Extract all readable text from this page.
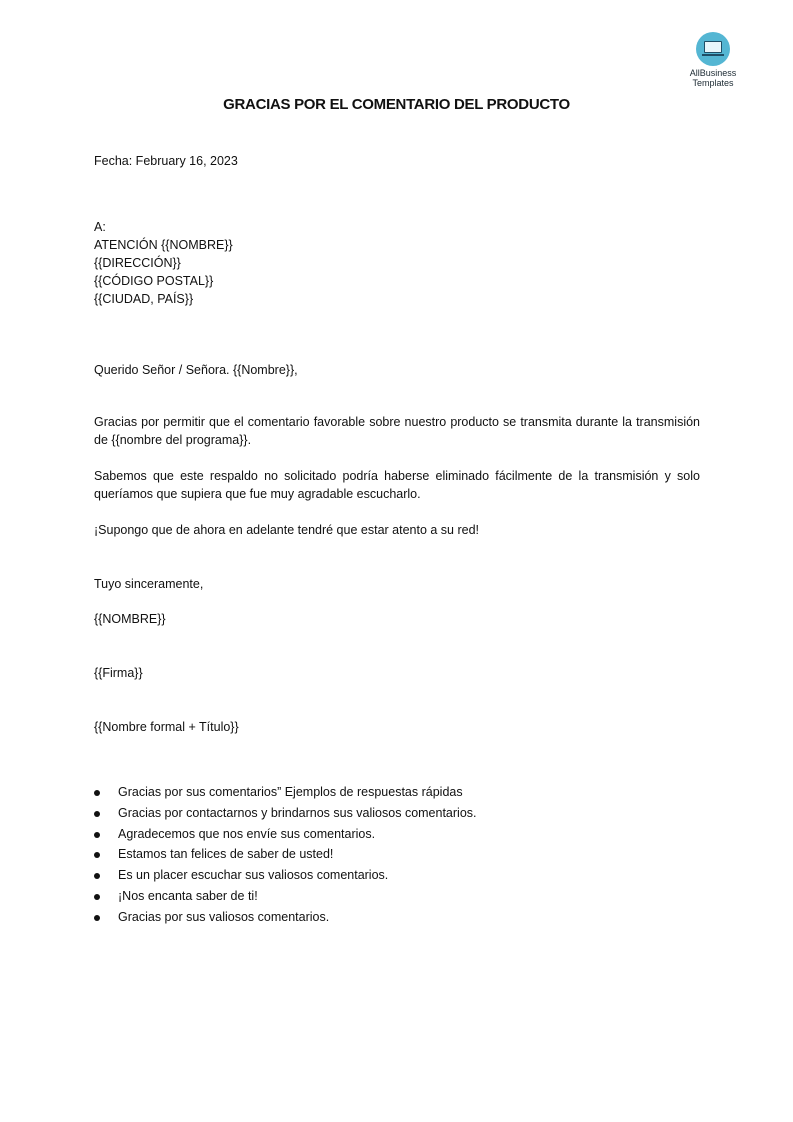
AllBusiness
Templates
GRACIAS POR EL COMENTARIO DEL PRODUCTO
Fecha: February 16, 2023
A:
ATENCIÓN {{NOMBRE}}
{{DIRECCIÓN}}
{{CÓDIGO POSTAL}}
{{CIUDAD, PAÍS}}
Querido Señor / Señora. {{Nombre}},
Gracias por permitir que el comentario favorable sobre nuestro producto se transmita durante la transmisión de {{nombre del programa}}.
Sabemos que este respaldo no solicitado podría haberse eliminado fácilmente de la transmisión y solo queríamos que supiera que fue muy agradable escucharlo.
¡Supongo que de ahora en adelante tendré que estar atento a su red!
Tuyo sinceramente,
{{NOMBRE}}
{{Firma}}
{{Nombre formal + Título}}
Gracias por sus comentarios” Ejemplos de respuestas rápidas
Gracias por contactarnos y brindarnos sus valiosos comentarios.
Agradecemos que nos envíe sus comentarios.
Estamos tan felices de saber de usted!
Es un placer escuchar sus valiosos comentarios.
¡Nos encanta saber de ti!
Gracias por sus valiosos comentarios.
